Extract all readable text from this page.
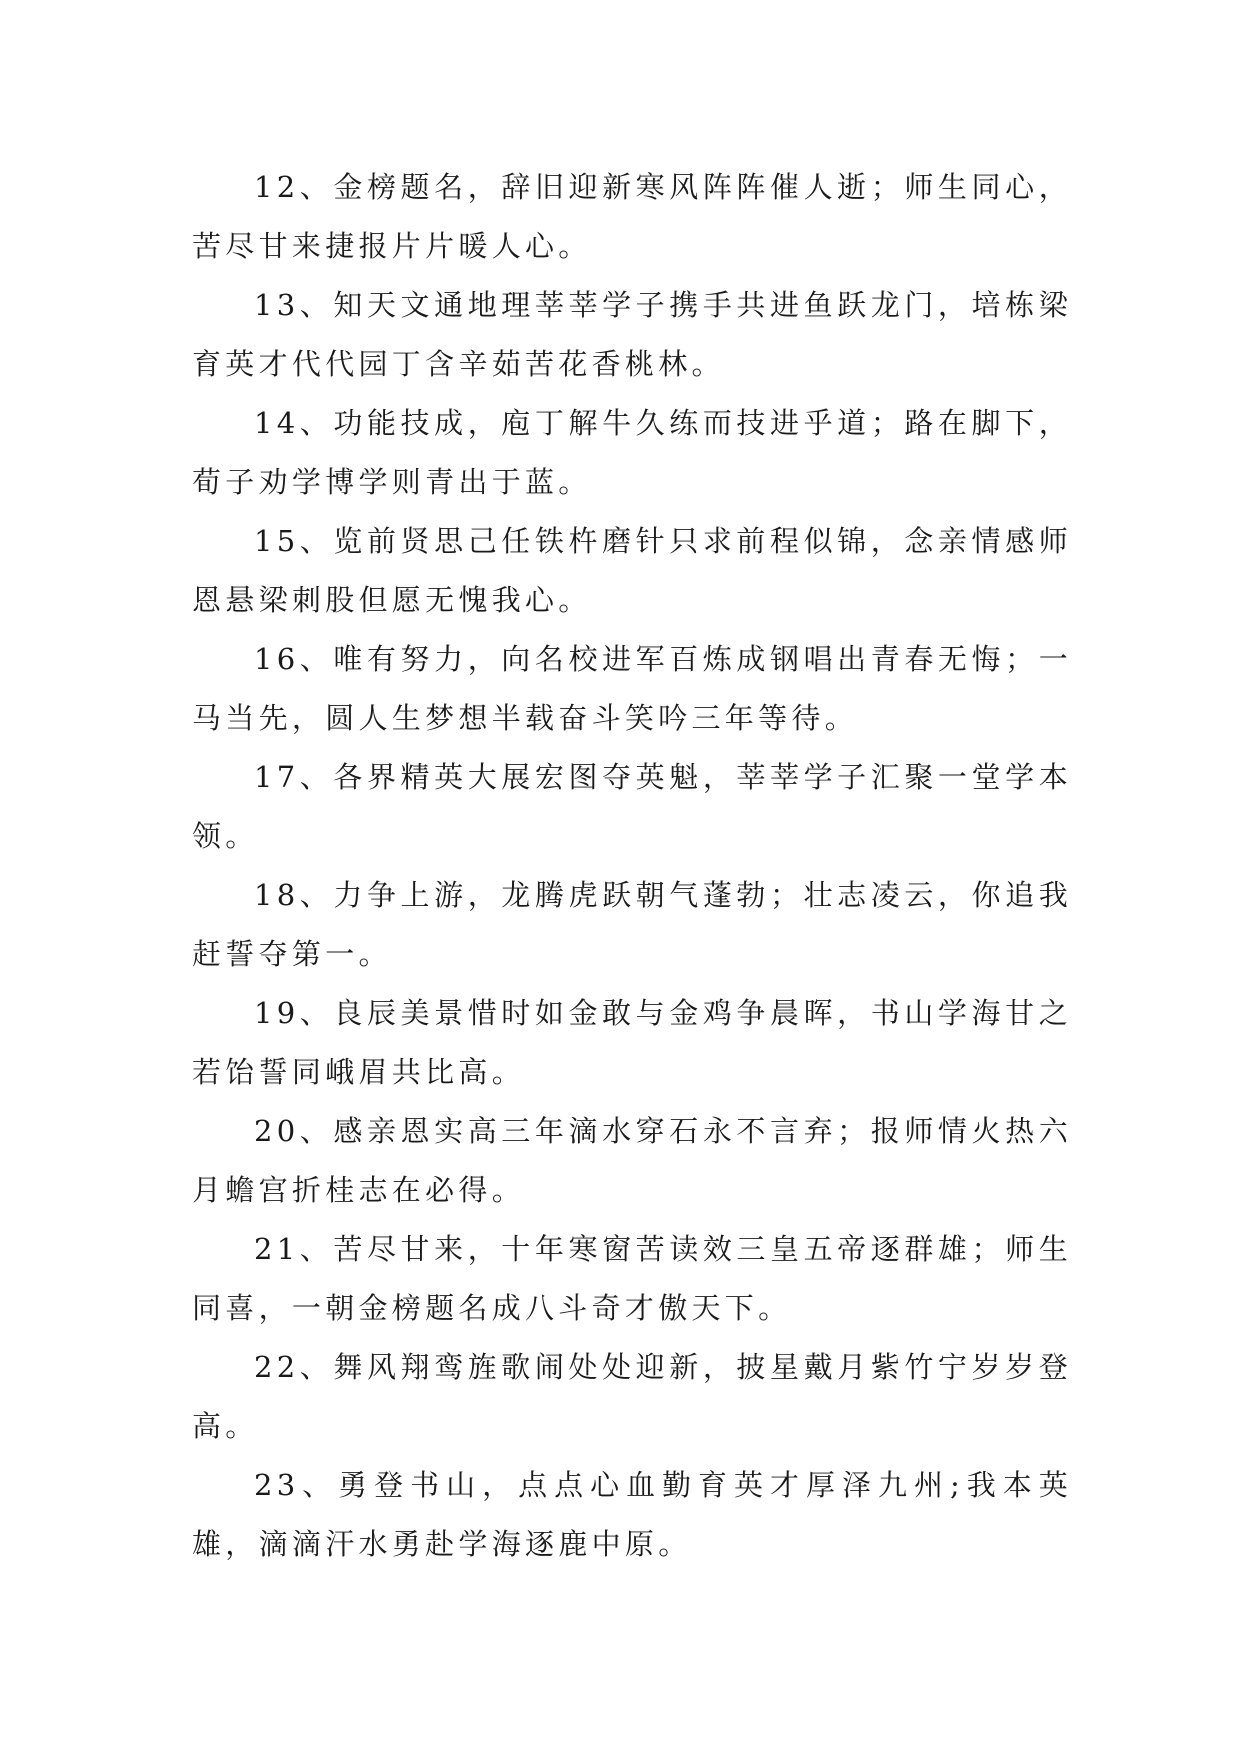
12、金榜题名，辞旧迎新寒风阵阵催人逝；师生同心，苦尽甘来捷报片片暖人心。

13、知天文通地理莘莘学子携手共进鱼跃龙门，培栋梁育英才代代园丁含辛茹苦花香桃林。

14、功能技成，庖丁解牛久练而技进乎道；路在脚下，荀子劝学博学则青出于蓝。

15、览前贤思己任铁杵磨针只求前程似锦，念亲情感师恩悬梁刺股但愿无愧我心。

16、唯有努力，向名校进军百炼成钢唱出青春无悔；一马当先，圆人生梦想半载奋斗笑吟三年等待。

17、各界精英大展宏图夺英魁，莘莘学子汇聚一堂学本领。

18、力争上游，龙腾虎跃朝气蓬勃；壮志凌云，你追我赶誓夺第一。

19、良辰美景惜时如金敢与金鸡争晨晖，书山学海甘之若饴誓同峨眉共比高。

20、感亲恩实高三年滴水穿石永不言弃；报师情火热六月蟾宫折桂志在必得。

21、苦尽甘来，十年寒窗苦读效三皇五帝逐群雄；师生同喜，一朝金榜题名成八斗奇才傲天下。

22、舞风翔鸾旌歌闹处处迎新，披星戴月紫竹宁岁岁登高。

23、勇登书山，点点心血勤育英才厚泽九州;我本英雄，滴滴汗水勇赴学海逐鹿中原。
